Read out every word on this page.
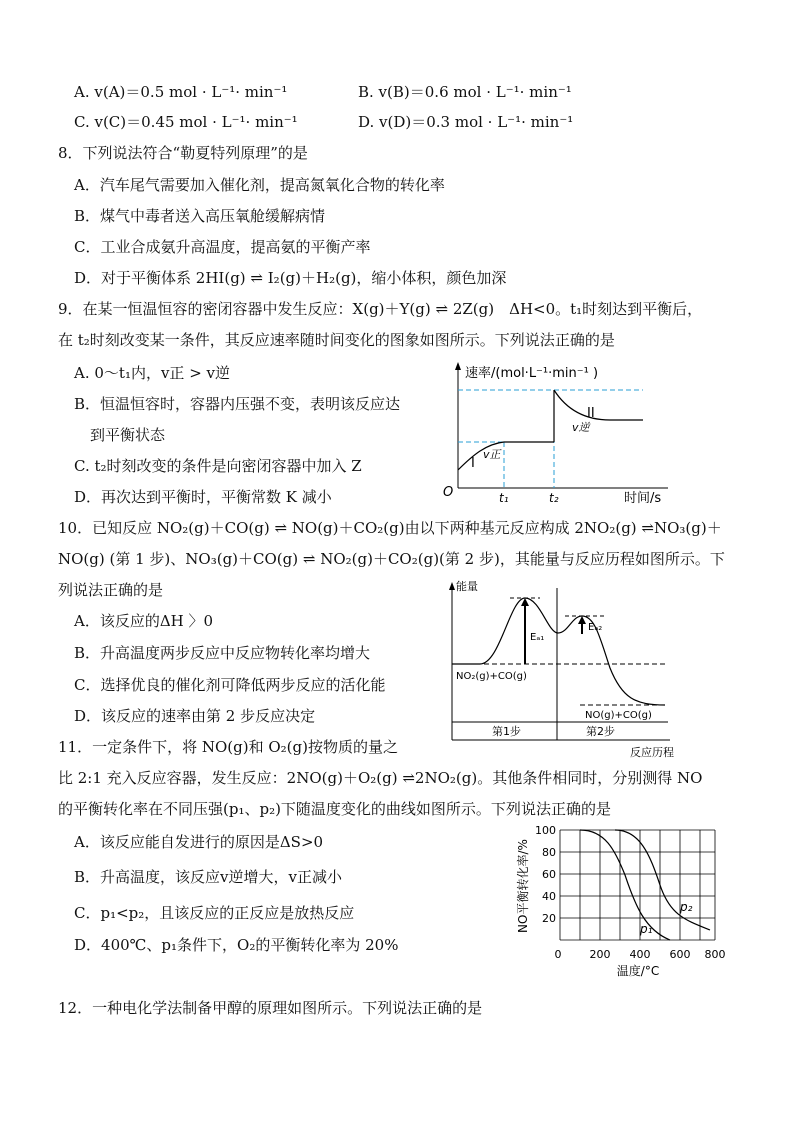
A. v(A)＝0.5 mol · L⁻¹· min⁻¹	B. v(B)＝0.6 mol · L⁻¹· min⁻¹
C. v(C)＝0.45 mol · L⁻¹· min⁻¹	D. v(D)＝0.3 mol · L⁻¹· min⁻¹
8．下列说法符合“勒夏特列原理”的是
A．汽车尾气需要加入催化剂，提高氮氧化合物的转化率
B．煤气中毒者送入高压氧舱缓解病情
C．工业合成氨升高温度，提高氨的平衡产率
D．对于平衡体系 2HI(g) ⇌ I₂(g)＋H₂(g)，缩小体积，颜色加深
9．在某一恒温恒容的密闭容器中发生反应：X(g)＋Y(g) ⇌ 2Z(g)　ΔH<0。t₁时刻达到平衡后，
在 t₂时刻改变某一条件，其反应速率随时间变化的图象如图所示。下列说法正确的是
A. 0～t₁内，v正 > v逆
B．恒温恒容时，容器内压强不变，表明该反应达
到平衡状态
C. t₂时刻改变的条件是向密闭容器中加入 Z
D．再次达到平衡时，平衡常数 K 减小
速率/(mol·L⁻¹·min⁻¹ )
时间/s
O
I
II
v正
v逆
t₁	t₂
10．已知反应 NO₂(g)＋CO(g) ⇌ NO(g)＋CO₂(g)由以下两种基元反应构成 2NO₂(g) ⇌NO₃(g)＋
NO(g) (第 1 步)、NO₃(g)＋CO(g) ⇌ NO₂(g)＋CO₂(g)(第 2 步)，其能量与反应历程如图所示。下
列说法正确的是
A．该反应的ΔH 〉0
B．升高温度两步反应中反应物转化率均增大
C．选择优良的催化剂可降低两步反应的活化能
D．该反应的速率由第 2 步反应决定
能量
Eₐ₁
Eₐ₂
NO₂(g)+CO(g)
NO(g)+CO(g)
第1步	第2步
反应历程
11．一定条件下，将 NO(g)和 O₂(g)按物质的量之
比 2:1 充入反应容器，发生反应：2NO(g)＋O₂(g) ⇌2NO₂(g)。其他条件相同时，分别测得 NO
的平衡转化率在不同压强(p₁、p₂)下随温度变化的曲线如图所示。下列说法正确的是
A．该反应能自发进行的原因是ΔS>0
B．升高温度，该反应v逆增大，v正减小
C．p₁<p₂，且该反应的正反应是放热反应
D．400℃、p₁条件下，O₂的平衡转化率为 20%
p₁
p₂
100
80
60
40
20
0	200 400 600 800
温度/°C
NO平衡转化率/%
12．一种电化学法制备甲醇的原理如图所示。下列说法正确的是
